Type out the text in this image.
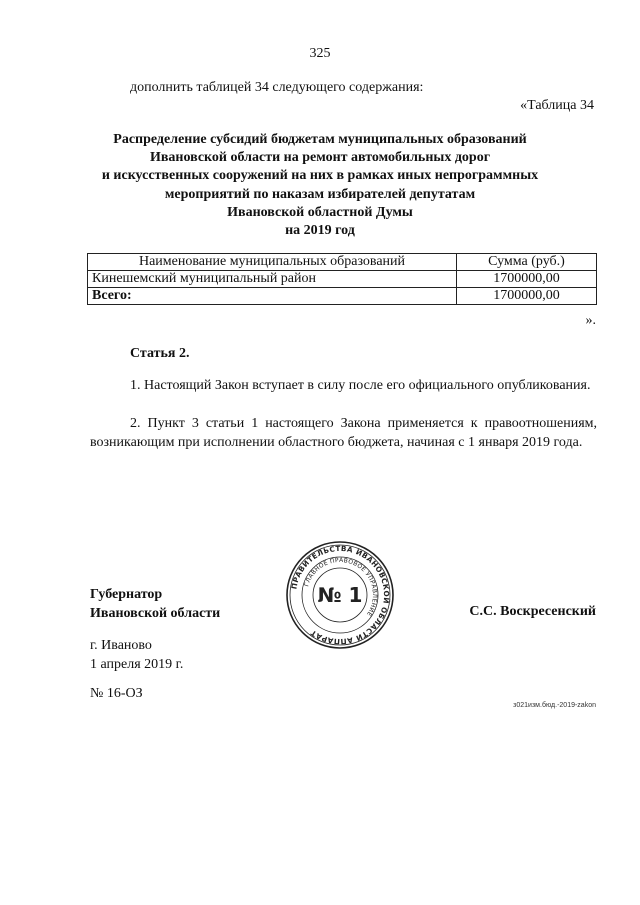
325
дополнить таблицей 34 следующего содержания:
«Таблица 34
Распределение субсидий бюджетам муниципальных образований
Ивановской области на ремонт автомобильных дорог
и искусственных сооружений на них в рамках иных непрограммных
мероприятий по наказам избирателей депутатам
Ивановской областной Думы
на 2019 год
Наименование муниципальных образований	Сумма (руб.)
Кинешемский муниципальный район	1700000,00
Всего:	1700000,00
».
Статья 2.
1. Настоящий Закон вступает в силу после его официального опубликования.
2. Пункт 3 статьи 1 настоящего Закона применяется к правоотношениям, возникающим при исполнении областного бюджета, начиная с 1 января 2019 года.
Губернатор
Ивановской области
ПРАВИТЕЛЬСТВА ИВАНОВСКОЙ ОБЛАСТИ АППАРАТ
ГЛАВНОЕ ПРАВОВОЕ УПРАВЛЕНИЕ
№ 1
С.С. Воскресенский
г. Иваново
1 апреля 2019 г.
№ 16-ОЗ
з021изм.бюд.-2019-zakon
